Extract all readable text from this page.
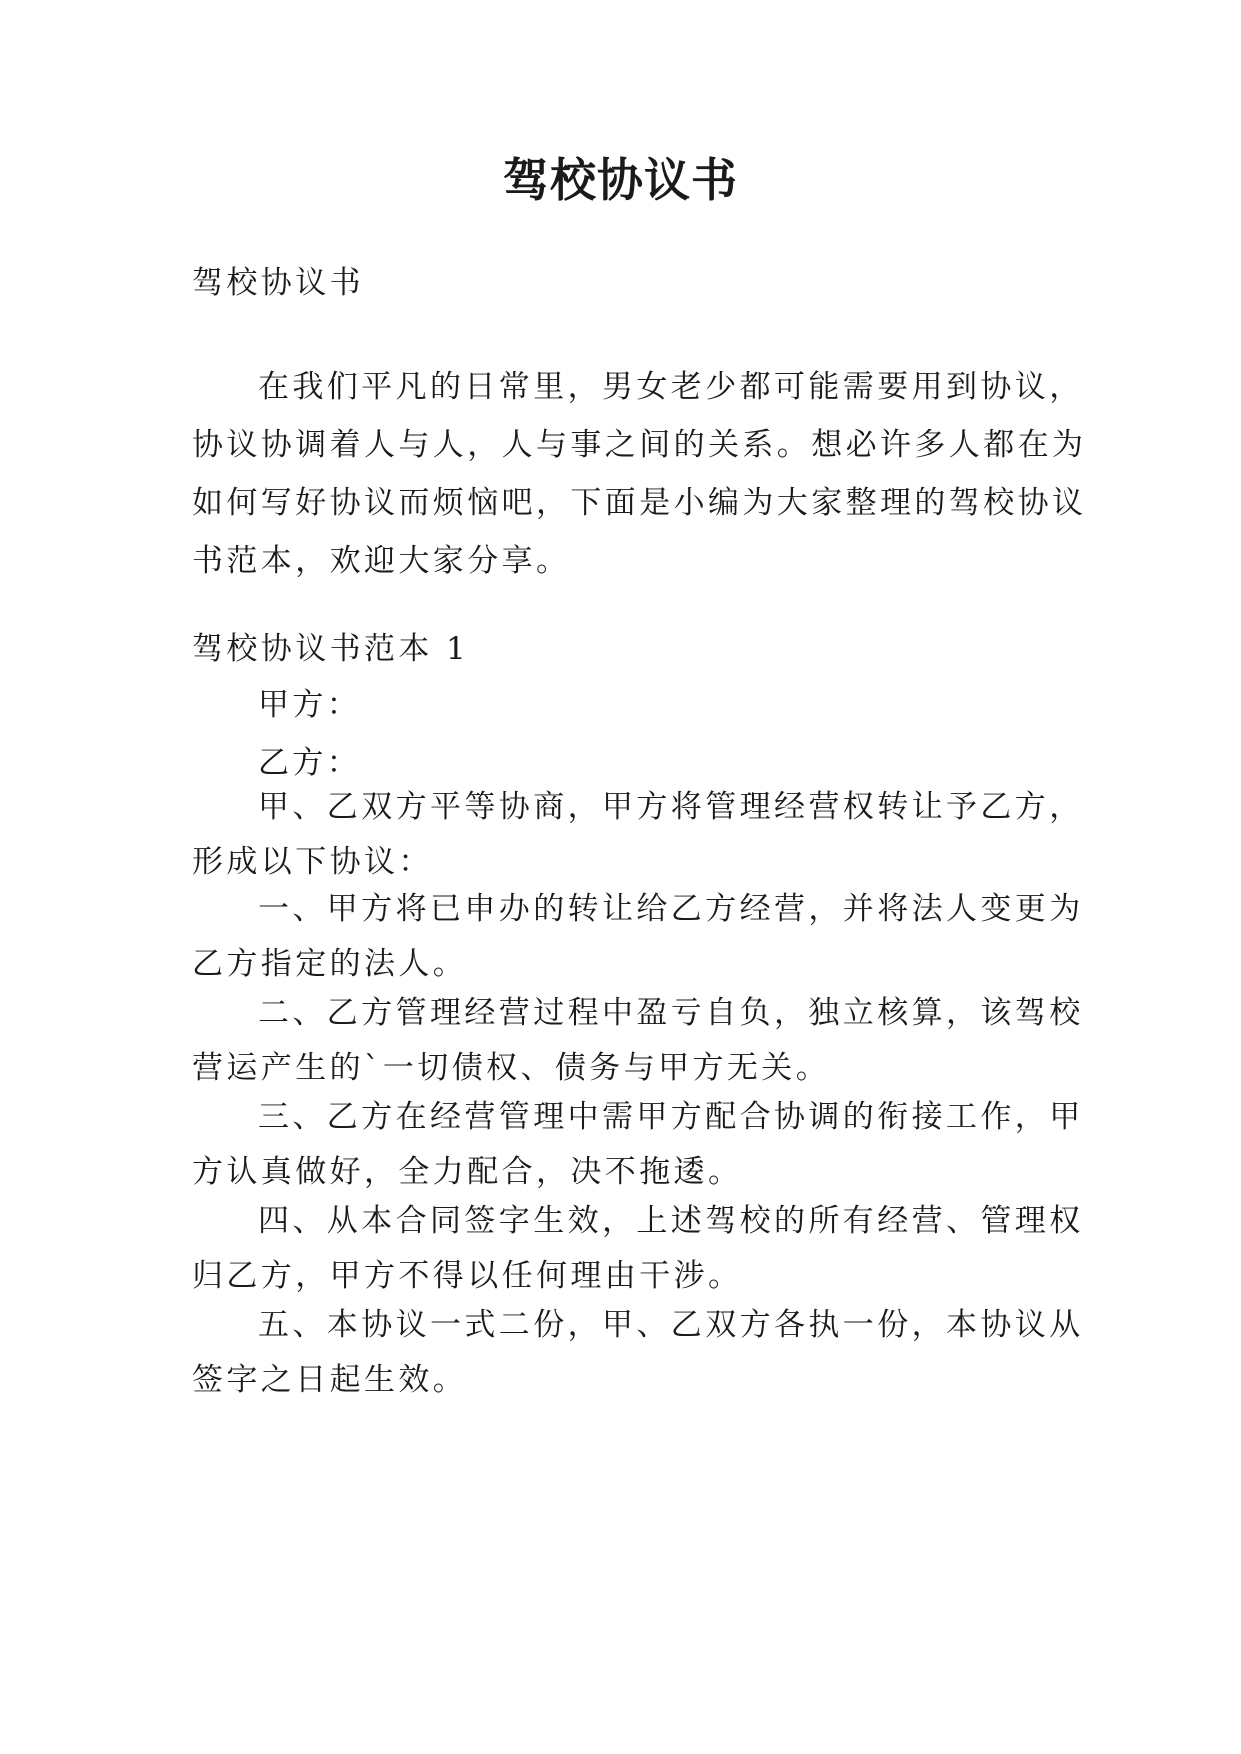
驾校协议书
驾校协议书

在我们平凡的日常里，男女老少都可能需要用到协议，

协议协调着人与人，人与事之间的关系。想必许多人都在为

如何写好协议而烦恼吧，下面是小编为大家整理的驾校协议

书范本，欢迎大家分享。

驾校协议书范本 1
甲方：
乙方：

甲、乙双方平等协商，甲方将管理经营权转让予乙方，

形成以下协议：

一、甲方将已申办的转让给乙方经营，并将法人变更为

乙方指定的法人。

二、乙方管理经营过程中盈亏自负，独立核算，该驾校

营运产生的`一切债权、债务与甲方无关。

三、乙方在经营管理中需甲方配合协调的衔接工作，甲

方认真做好，全力配合，决不拖逶。

四、从本合同签字生效，上述驾校的所有经营、管理权

归乙方，甲方不得以任何理由干涉。

五、本协议一式二份，甲、乙双方各执一份，本协议从

签字之日起生效。
